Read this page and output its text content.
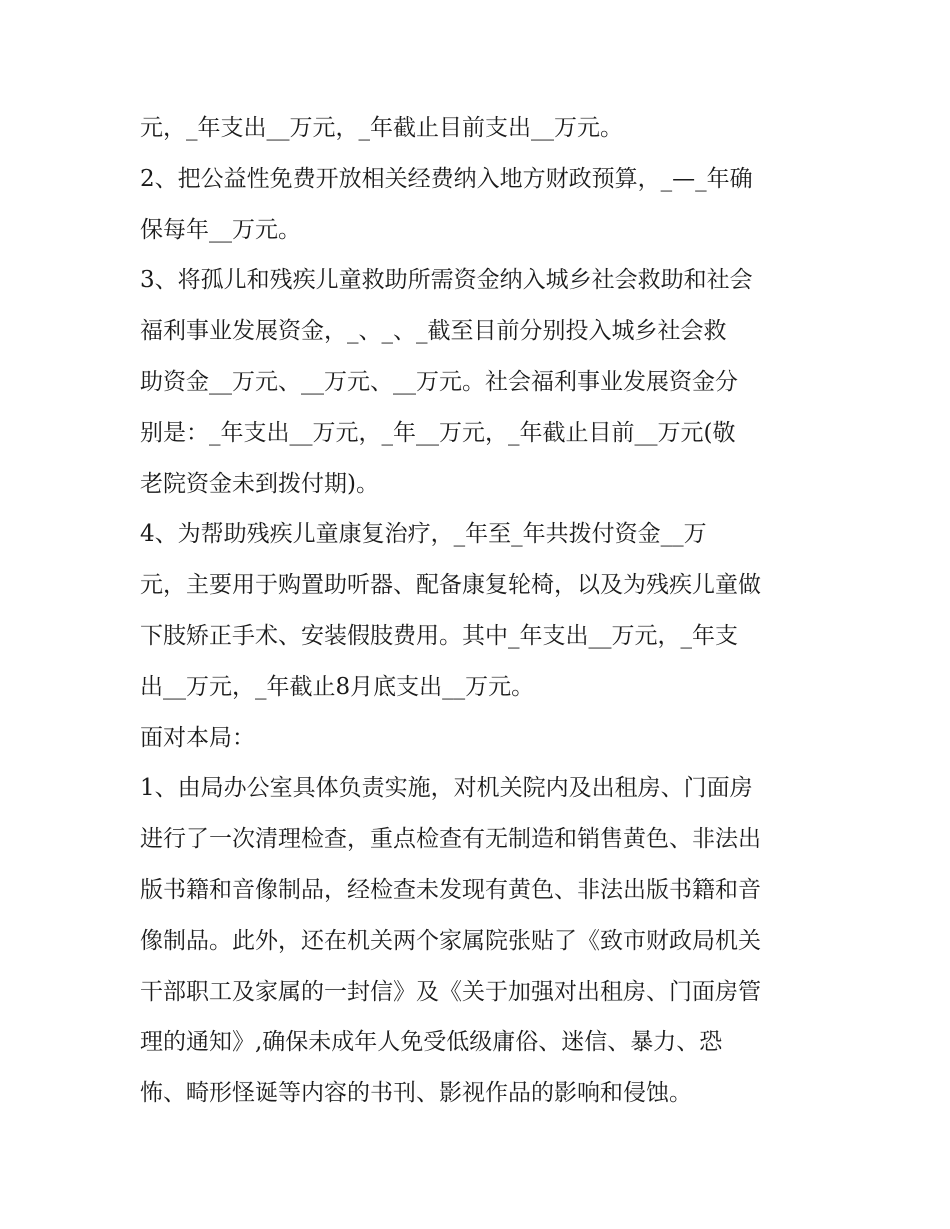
元，_年支出__万元，_年截止目前支出__万元。
2、把公益性免费开放相关经费纳入地方财政预算，_—_年确
保每年__万元。
3、将孤儿和残疾儿童救助所需资金纳入城乡社会救助和社会
福利事业发展资金，_、_、_截至目前分别投入城乡社会救
助资金__万元、__万元、__万元。社会福利事业发展资金分
别是：_年支出__万元，_年__万元，_年截止目前__万元(敬
老院资金未到拨付期)。
4、为帮助残疾儿童康复治疗，_年至_年共拨付资金__万
元，主要用于购置助听器、配备康复轮椅，以及为残疾儿童做
下肢矫正手术、安装假肢费用。其中_年支出__万元，_年支
出__万元，_年截止8月底支出__万元。
面对本局：
1、由局办公室具体负责实施，对机关院内及出租房、门面房
进行了一次清理检查，重点检查有无制造和销售黄色、非法出
版书籍和音像制品，经检查未发现有黄色、非法出版书籍和音
像制品。此外，还在机关两个家属院张贴了《致市财政局机关
干部职工及家属的一封信》及《关于加强对出租房、门面房管
理的通知》,确保未成年人免受低级庸俗、迷信、暴力、恐
怖、畸形怪诞等内容的书刊、影视作品的影响和侵蚀。
